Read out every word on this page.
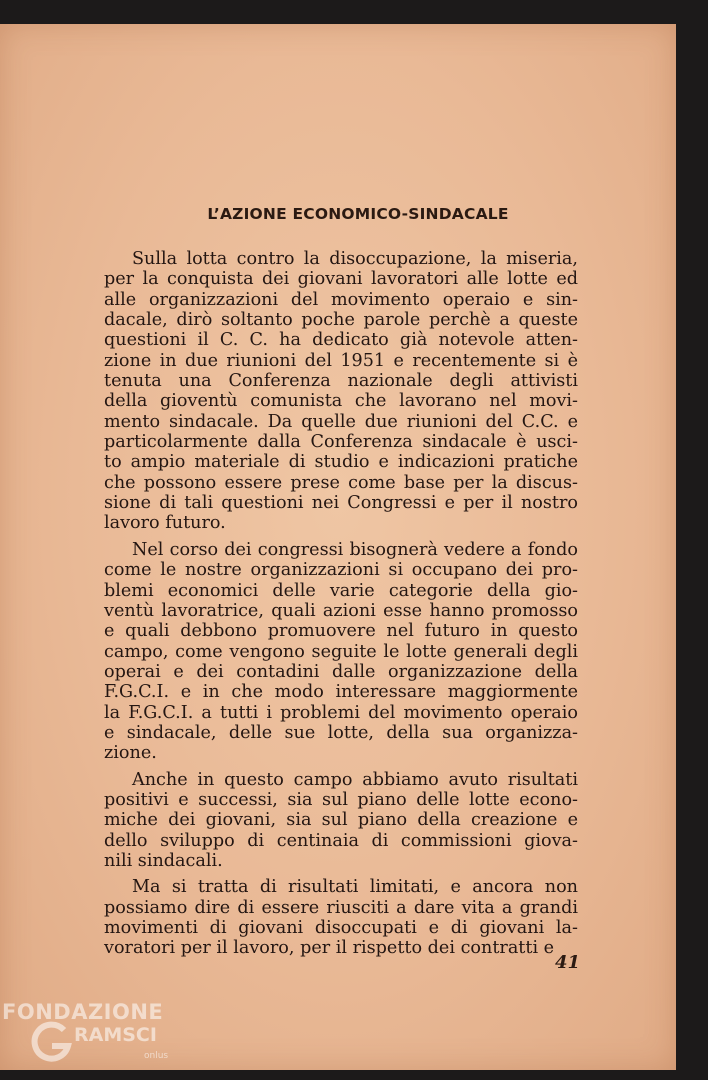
L’AZIONE ECONOMICO-SINDACALE
Sulla lotta contro la disoccupazione, la miseria,
per la conquista dei giovani lavoratori alle lotte ed
alle organizzazioni del movimento operaio e sin-
dacale, dirò soltanto poche parole perchè a queste
questioni il C. C. ha dedicato già notevole atten-
zione in due riunioni del 1951 e recentemente si è
tenuta una Conferenza nazionale degli attivisti
della gioventù comunista che lavorano nel movi-
mento sindacale. Da quelle due riunioni del C.C. e
particolarmente dalla Conferenza sindacale è usci-
to ampio materiale di studio e indicazioni pratiche
che possono essere prese come base per la discus-
sione di tali questioni nei Congressi e per il nostro
lavoro futuro.
Nel corso dei congressi bisognerà vedere a fondo
come le nostre organizzazioni si occupano dei pro-
blemi economici delle varie categorie della gio-
ventù lavoratrice, quali azioni esse hanno promosso
e quali debbono promuovere nel futuro in questo
campo, come vengono seguite le lotte generali degli
operai e dei contadini dalle organizzazione della
F.G.C.I. e in che modo interessare maggiormente
la F.G.C.I. a tutti i problemi del movimento operaio
e sindacale, delle sue lotte, della sua organizza-
zione.
Anche in questo campo abbiamo avuto risultati
positivi e successi, sia sul piano delle lotte econo-
miche dei giovani, sia sul piano della creazione e
dello sviluppo di centinaia di commissioni giova-
nili sindacali.
Ma si tratta di risultati limitati, e ancora non
possiamo dire di essere riusciti a dare vita a grandi
movimenti di giovani disoccupati e di giovani la-
voratori per il lavoro, per il rispetto dei contratti e
41
FONDAZIONE
RAMSCI
onlus
